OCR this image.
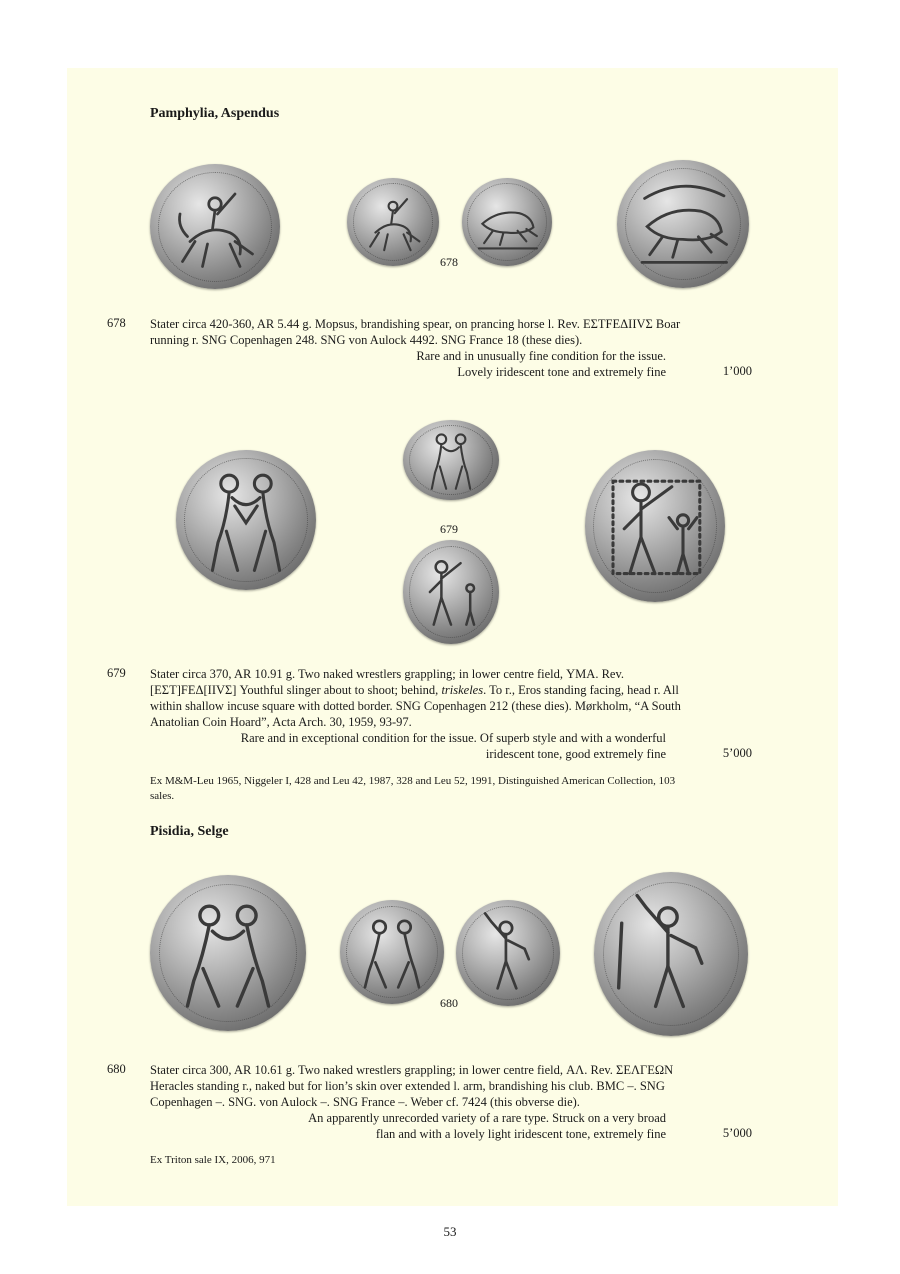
Pamphylia, Aspendus
678
678 Stater circa 420-360, AR 5.44 g. Mopsus, brandishing spear, on prancing horse l. Rev. ΕΣΤFΕΔIIVΣ Boar
running r. SNG Copenhagen 248. SNG von Aulock 4492. SNG France 18 (these dies).
Rare and in unusually fine condition for the issue.
Lovely iridescent tone and extremely fine	1’000
679
679 Stater circa 370, AR 10.91 g. Two naked wrestlers grappling; in lower centre field, ΥΜΑ. Rev.
[ΕΣΤ]FΕΔ[IIVΣ] Youthful slinger about to shoot; behind, triskeles. To r., Eros standing facing, head r. All
within shallow incuse square with dotted border. SNG Copenhagen 212 (these dies). Mørkholm, “A South
Anatolian Coin Hoard”, Acta Arch. 30, 1959, 93-97.
Rare and in exceptional condition for the issue. Of superb style and with a wonderful
iridescent tone, good extremely fine	5’000
Ex M&M-Leu 1965, Niggeler I, 428 and Leu 42, 1987, 328 and Leu 52, 1991, Distinguished American Collection, 103
sales.
Pisidia, Selge
680
680 Stater circa 300, AR 10.61 g. Two naked wrestlers grappling; in lower centre field, ΑΛ. Rev. ΣΕΛΓΕΩΝ
Heracles standing r., naked but for lion’s skin over extended l. arm, brandishing his club. BMC –. SNG
Copenhagen –. SNG. von Aulock –. SNG France –. Weber cf. 7424 (this obverse die).
An apparently unrecorded variety of a rare type. Struck on a very broad
flan and with a lovely light iridescent tone, extremely fine	5’000
Ex Triton sale IX, 2006, 971
53
